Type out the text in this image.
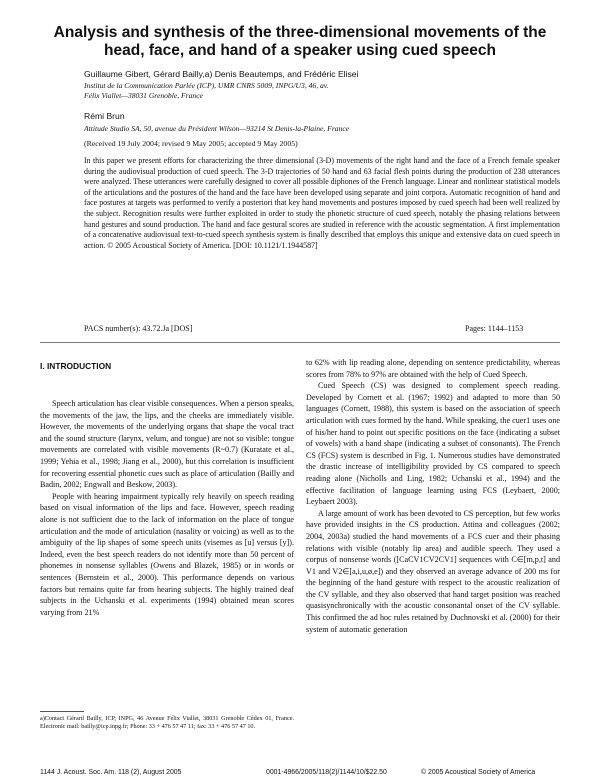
Analysis and synthesis of the three-dimensional movements of the head, face, and hand of a speaker using cued speech
Guillaume Gibert, Gérard Bailly,a) Denis Beautemps, and Frédéric Elisei
Institut de la Communication Parlée (ICP), UMR CNRS 5009, INPG/U3, 46, av. Félix Viallet—38031 Grenoble, France
Rémi Brun
Attitude Studio SA, 50, avenue du Président Wilson—93214 St Denis-la-Plaine, France
(Received 19 July 2004; revised 9 May 2005; accepted 9 May 2005)

In this paper we present efforts for characterizing the three dimensional (3-D) movements of the right hand and the face of a French female speaker during the audiovisual production of cued speech. The 3-D trajectories of 50 hand and 63 facial flesh points during the production of 238 utterances were analyzed. These utterances were carefully designed to cover all possible diphones of the French language. Linear and nonlinear statistical models of the articulations and the postures of the hand and the face have been developed using separate and joint corpora. Automatic recognition of hand and face postures at targets was performed to verify a posteriori that key hand movements and postures imposed by cued speech had been well realized by the subject. Recognition results were further exploited in order to study the phonetic structure of cued speech, notably the phasing relations between hand gestures and sound production. The hand and face gestural scores are studied in reference with the acoustic segmentation. A first implementation of a concatenative audiovisual text-to-cued speech synthesis system is finally described that employs this unique and extensive data on cued speech in action. © 2005 Acoustical Society of America. [DOI: 10.1121/1.1944587]

PACS number(s): 43.72.Ja [DOS]	Pages: 1144–1153

I. INTRODUCTION

Speech articulation has clear visible consequences. When a person speaks, the movements of the jaw, the lips, and the cheeks are immediately visible. However, the movements of the underlying organs that shape the vocal tract and the sound structure (larynx, velum, and tongue) are not so visible: tongue movements are correlated with visible movements (R~0.7) (Kuratate et al., 1999; Yehia et al., 1998; Jiang et al., 2000), but this correlation is insufficient for recovering essential phonetic cues such as place of articulation (Bailly and Badin, 2002; Engwall and Beskow, 2003).

People with hearing impairment typically rely heavily on speech reading based on visual information of the lips and face. However, speech reading alone is not sufficient due to the lack of information on the place of tongue articulation and the mode of articulation (nasality or voicing) as well as to the ambiguity of the lip shapes of some speech units (visemes as [u] versus [y]). Indeed, even the best speech readers do not identify more than 50 percent of phonemes in nonsense syllables (Owens and Blazek, 1985) or in words or sentences (Bernstein et al., 2000). This performance depends on various factors but remains quite far from hearing subjects. The highly trained deaf subjects in the Uchanski et al. experiments (1994) obtained mean scores varying from 21%

to 62% with lip reading alone, depending on sentence predictability, whereas scores from 78% to 97% are obtained with the help of Cued Speech.

Cued Speech (CS) was designed to complement speech reading. Developed by Cornett et al. (1967; 1992) and adapted to more than 50 languages (Cornett, 1988), this system is based on the association of speech articulation with cues formed by the hand. While speaking, the cuer1 uses one of his/her hand to point out specific positions on the face (indicating a subset of vowels) with a hand shape (indicating a subset of consonants). The French CS (FCS) system is described in Fig. 1. Numerous studies have demonstrated the drastic increase of intelligibility provided by CS compared to speech reading alone (Nicholls and Ling, 1982; Uchanski et al., 1994) and the effective facilitation of language learning using FCS (Leybaert, 2000; Leybaert 2003).

A large amount of work has been devoted to CS perception, but few works have provided insights in the CS production. Attina and colleagues (2002; 2004, 2003a) studied the hand movements of a FCS cuer and their phasing relations with visible (notably lip area) and audible speech. They used a corpus of nonsense words ([CaCV1CV2CV1] sequences with C∈[m,p,t] and V1 and V2∈[a,i,u,ø,e]) and they observed an average advance of 200 ms for the beginning of the hand gesture with respect to the acoustic realization of the CV syllable, and they also observed that hand target position was reached quasisynchronically with the acoustic consonantal onset of the CV syllable. This confirmed the ad hoc rules retained by Duchnovski et al. (2000) for their system of automatic generation

a)Contact Gérard Bailly, ICP, INPG, 46 Avenue Félix Viallet, 38031 Grenoble Cédex 01, France. Electronic mail: bailly@icp.inpg.fr; Phone: 33 + 476 57 47 11; fax: 33 + 476 57 47 10.
1144 J. Acoust. Soc. Am. 118 (2), August 2005	0001-4966/2005/118(2)/1144/10/$22.50	© 2005 Acoustical Society of America
